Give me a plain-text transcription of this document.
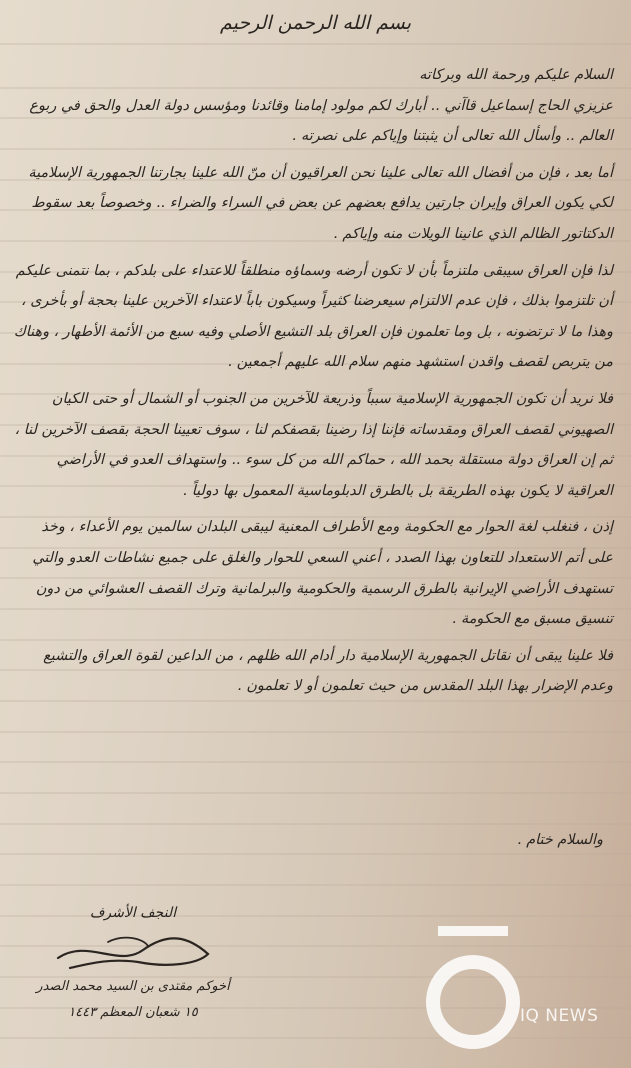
بسم الله الرحمن الرحيم

السلام عليكم ورحمة الله وبركاته

عزيزي الحاج إسماعيل قاآني .. أبارك لكم مولود إمامنا وقائدنا ومؤسس دولة العدل والحق في ربوع العالم .. وأسأل الله تعالى أن يثبتنا وإياكم على نصرته .

أما بعد ، فإن من أفضال الله تعالى علينا نحن العراقيون أن منّ الله علينا بجارتنا الجمهورية الإسلامية لكي يكون العراق وإيران جارتين يدافع بعضهم عن بعض في السراء والضراء .. وخصوصاً بعد سقوط الدكتاتور الظالم الذي عانينا الويلات منه وإياكم .

لذا فإن العراق سيبقى ملتزماً بأن لا تكون أرضه وسماؤه منطلقاً للاعتداء على بلدكم ، بما نتمنى عليكم أن تلتزموا بذلك ، فإن عدم الالتزام سيعرضنا كثيراً وسيكون باباً لاعتداء الآخرين علينا بحجة أو بأخرى ، وهذا ما لا ترتضونه ، بل وما تعلمون فإن العراق بلد التشيع الأصلي وفيه سبع من الأئمة الأطهار ، وهناك من يتربص لقصف واقدن استشهد منهم سلام الله عليهم أجمعين .

فلا نريد أن تكون الجمهورية الإسلامية سبباً وذريعة للآخرين من الجنوب أو الشمال أو حتى الكيان الصهيوني لقصف العراق ومقدساته فإننا إذا رضينا بقصفكم لنا ، سوف تعيينا الحجة بقصف الآخرين لنا ، ثم إن العراق دولة مستقلة بحمد الله ، حماكم الله من كل سوء .. واستهداف العدو في الأراضي العراقية لا يكون بهذه الطريقة بل بالطرق الدبلوماسية المعمول بها دولياً .

إذن ، فنغلب لغة الحوار مع الحكومة ومع الأطراف المعنية ليبقى البلدان سالمين يوم الأعداء ، وخذ على أتم الاستعداد للتعاون بهذا الصدد ، أعني السعي للحوار والغلق على جميع نشاطات العدو والتي تستهدف الأراضي الإيرانية بالطرق الرسمية والحكومية والبرلمانية وترك القصف العشوائي من دون تنسيق مسبق مع الحكومة .

فلا علينا يبقى أن نقاتل الجمهورية الإسلامية دار أدام الله ظلهم ، من الداعين لقوة العراق والتشيع وعدم الإضرار بهذا البلد المقدس من حيث تعلمون أو لا تعلمون .

والسلام ختام .
النجف الأشرف
أخوكم مقتدى بن السيد محمد الصدر
١٥ شعبان المعظم ١٤٤٣	IQ NEWS
